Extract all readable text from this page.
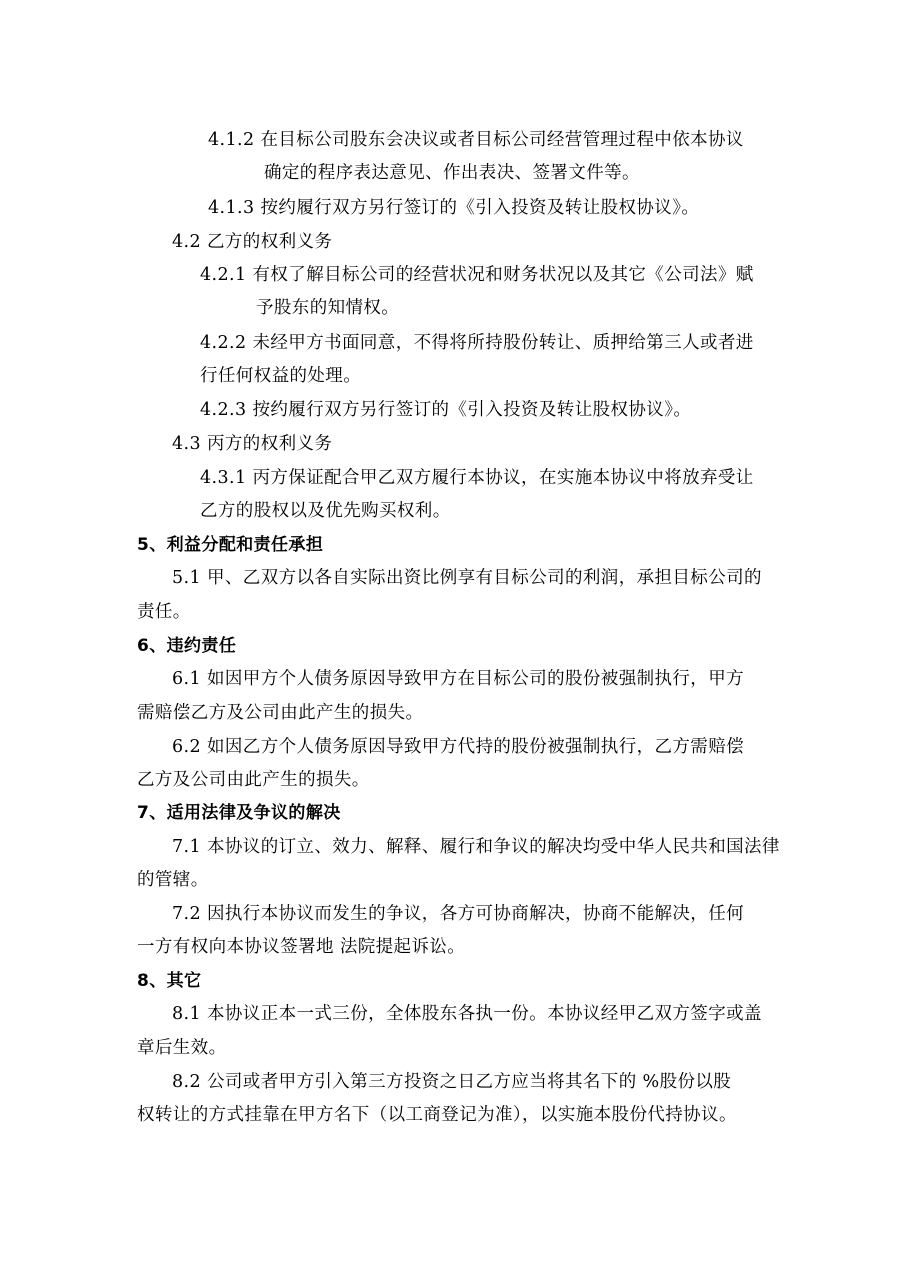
4.1.2 在目标公司股东会决议或者目标公司经营管理过程中依本协议
确定的程序表达意见、作出表决、签署文件等。
4.1.3 按约履行双方另行签订的《引入投资及转让股权协议》。
4.2 乙方的权利义务
4.2.1 有权了解目标公司的经营状况和财务状况以及其它《公司法》赋
予股东的知情权。
4.2.2 未经甲方书面同意，不得将所持股份转让、质押给第三人或者进
行任何权益的处理。
4.2.3 按约履行双方另行签订的《引入投资及转让股权协议》。
4.3 丙方的权利义务
4.3.1 丙方保证配合甲乙双方履行本协议，在实施本协议中将放弃受让
乙方的股权以及优先购买权利。
5、利益分配和责任承担
5.1 甲、乙双方以各自实际出资比例享有目标公司的利润，承担目标公司的
责任。
6、违约责任
6.1 如因甲方个人债务原因导致甲方在目标公司的股份被强制执行，甲方
需赔偿乙方及公司由此产生的损失。
6.2 如因乙方个人债务原因导致甲方代持的股份被强制执行，乙方需赔偿
乙方及公司由此产生的损失。
7、适用法律及争议的解决
7.1 本协议的订立、效力、解释、履行和争议的解决均受中华人民共和国法律
的管辖。
7.2 因执行本协议而发生的争议，各方可协商解决，协商不能解决，任何
一方有权向本协议签署地 法院提起诉讼。
8、其它
8.1 本协议正本一式三份，全体股东各执一份。本协议经甲乙双方签字或盖
章后生效。
8.2 公司或者甲方引入第三方投资之日乙方应当将其名下的 %股份以股
权转让的方式挂靠在甲方名下（以工商登记为准），以实施本股份代持协议。
